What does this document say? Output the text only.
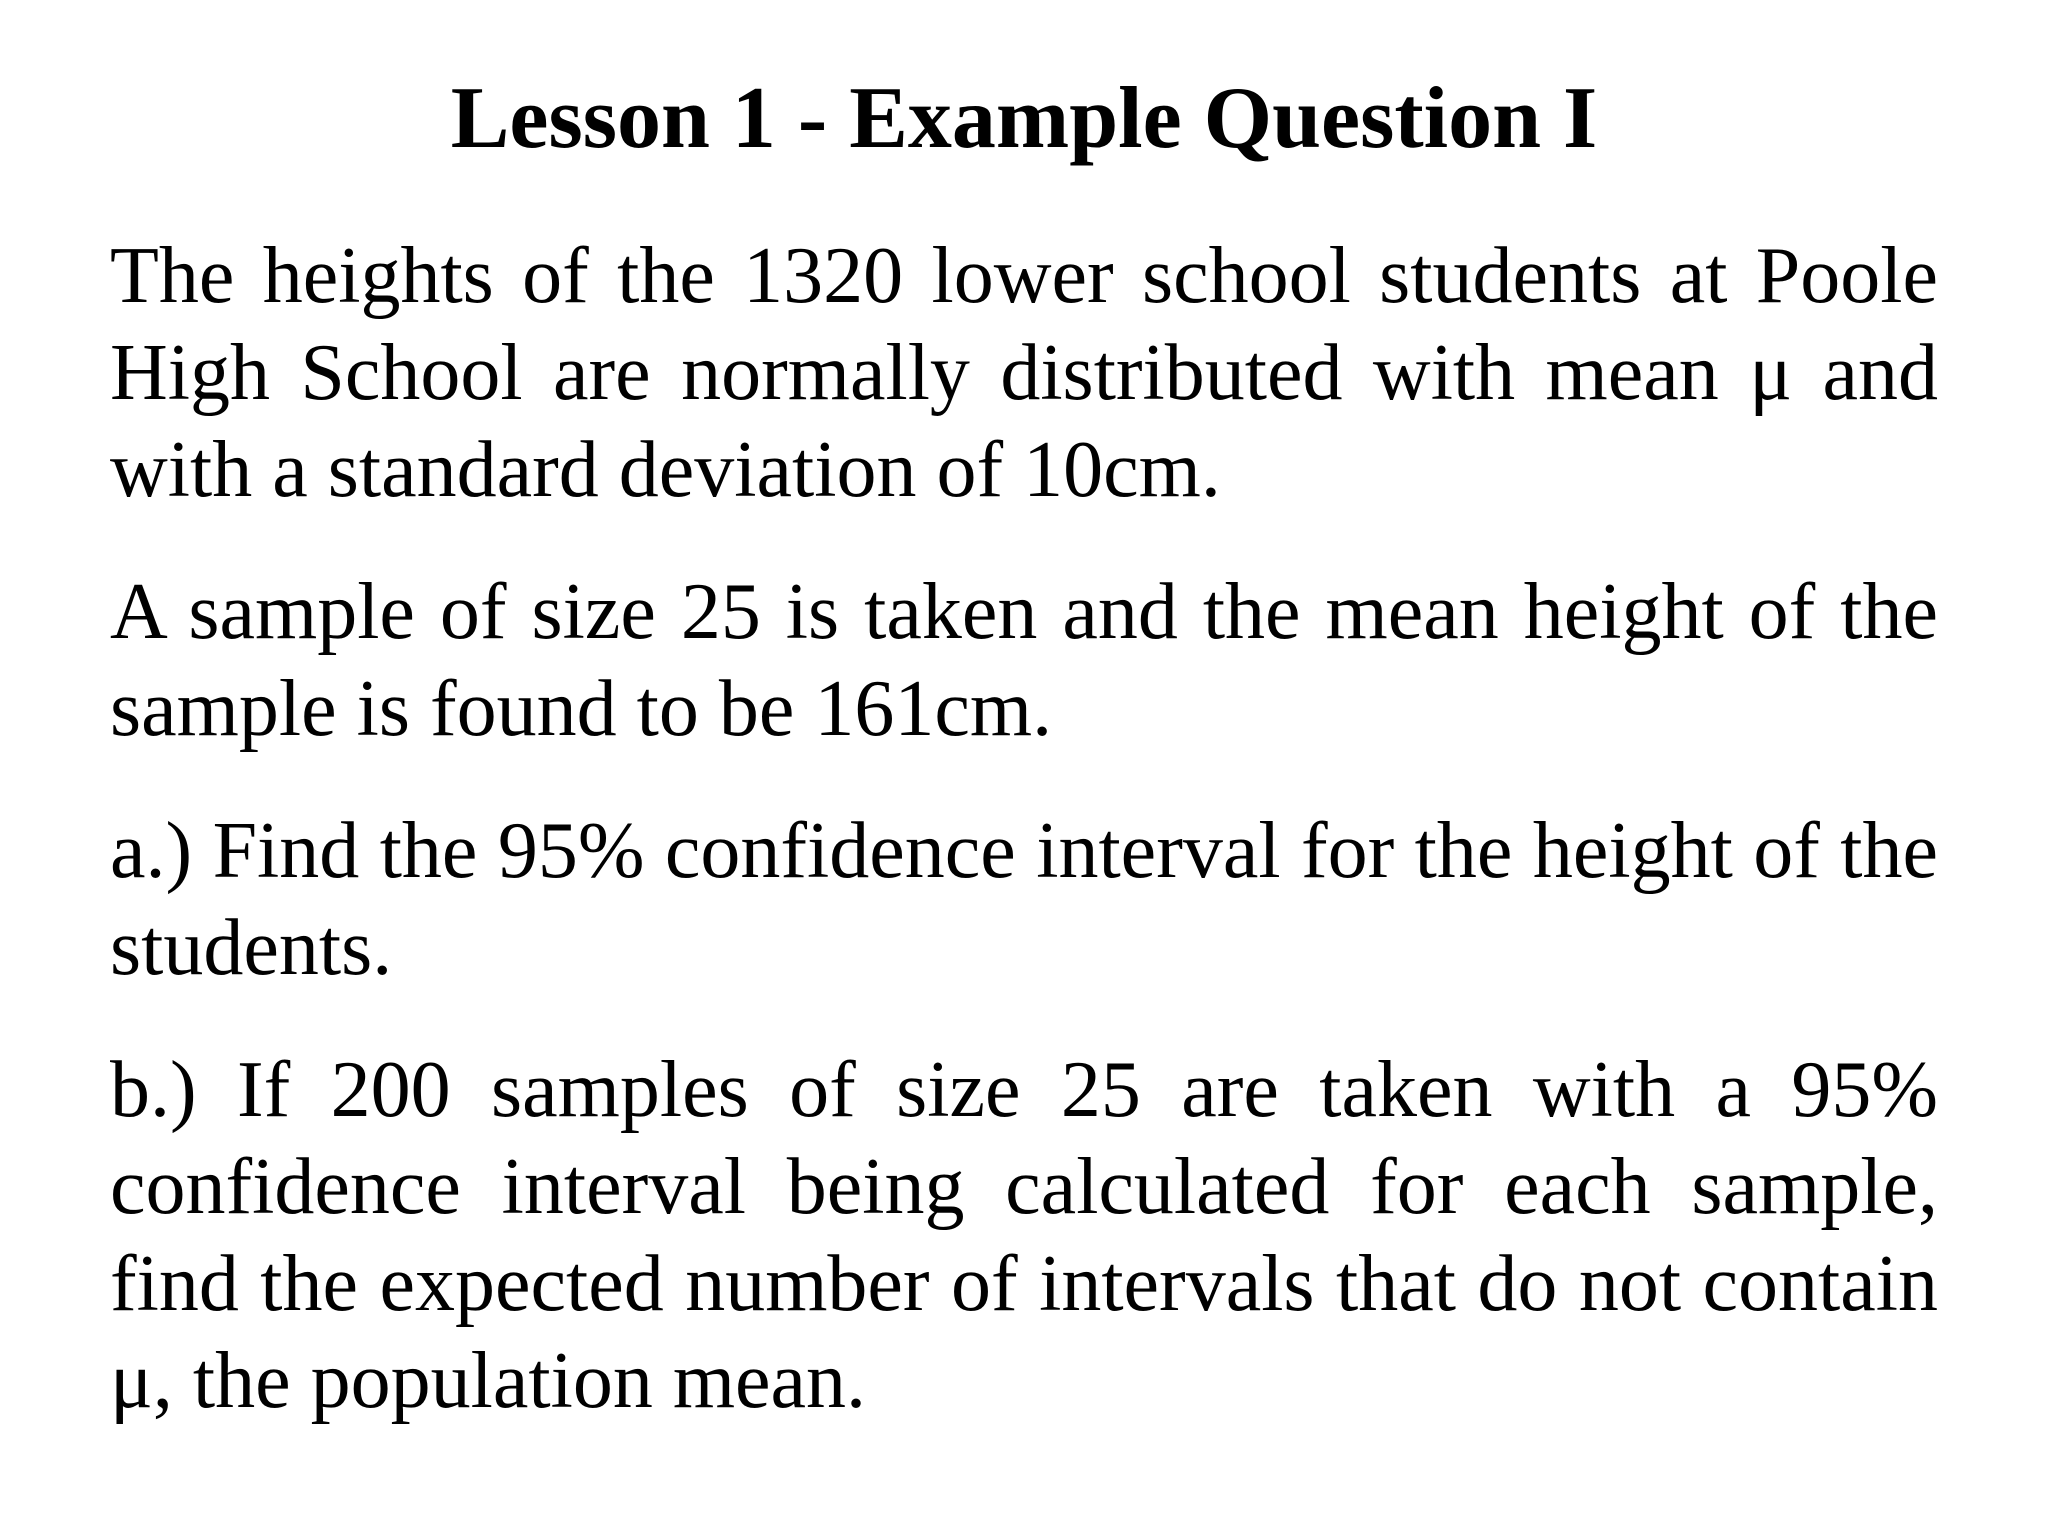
Lesson 1 - Example Question I

The heights of the 1320 lower school students at Poole High School are normally distributed with mean μ and with a standard deviation of 10cm.

A sample of size 25 is taken and the mean height of the sample is found to be 161cm.

a.) Find the 95% confidence interval for the height of the students.

b.) If 200 samples of size 25 are taken with a 95% confidence interval being calculated for each sample, find the expected number of intervals that do not contain μ, the population mean.
